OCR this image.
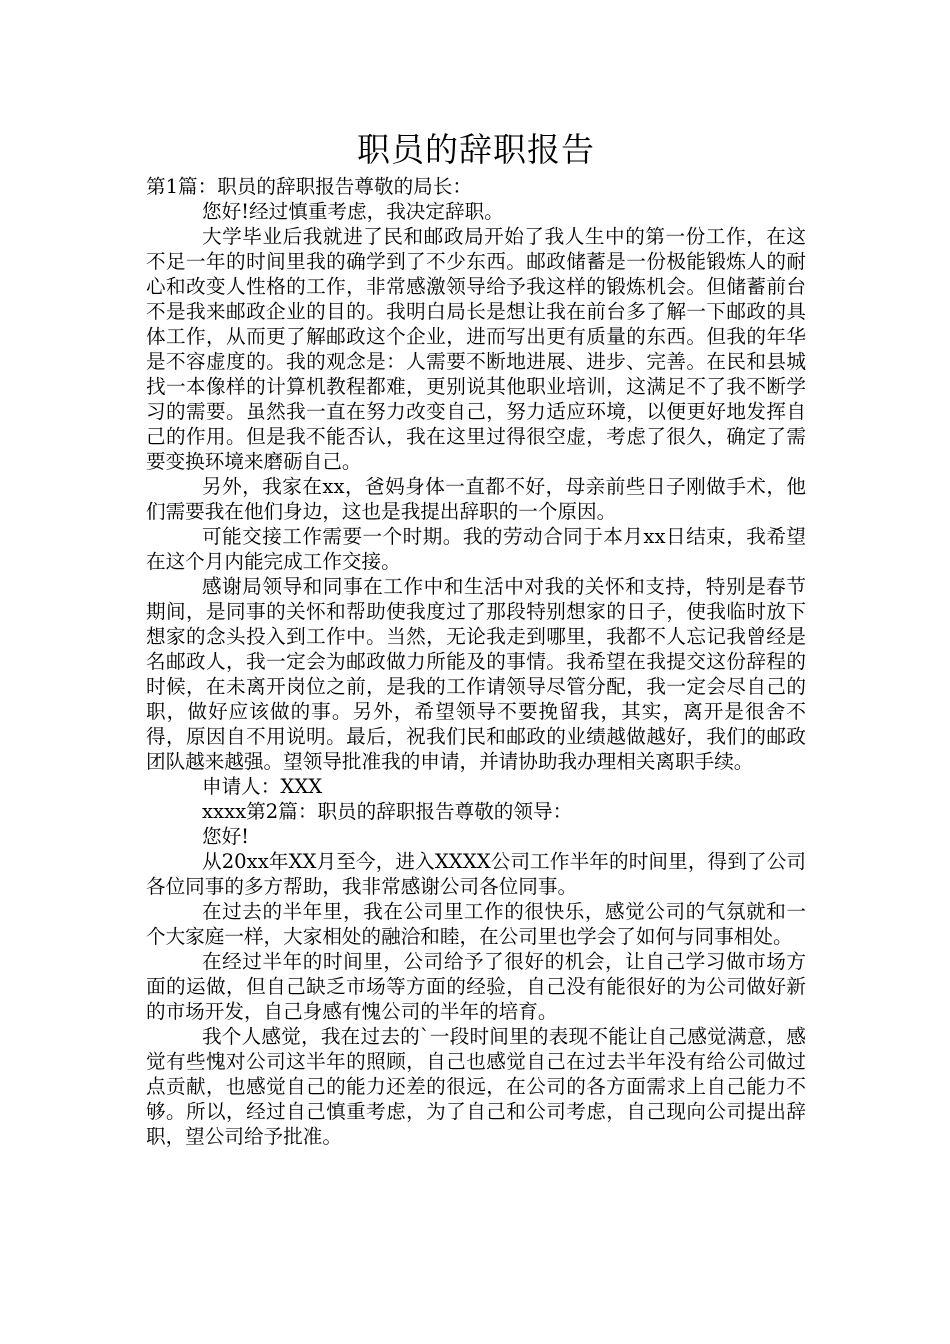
职员的辞职报告

第1篇：职员的辞职报告尊敬的局长：

您好!经过慎重考虑，我决定辞职。

大学毕业后我就进了民和邮政局开始了我人生中的第一份工作，在这不足一年的时间里我的确学到了不少东西。邮政储蓄是一份极能锻炼人的耐心和改变人性格的工作，非常感激领导给予我这样的锻炼机会。但储蓄前台不是我来邮政企业的目的。我明白局长是想让我在前台多了解一下邮政的具体工作，从而更了解邮政这个企业，进而写出更有质量的东西。但我的年华是不容虚度的。我的观念是：人需要不断地进展、进步、完善。在民和县城找一本像样的计算机教程都难，更别说其他职业培训，这满足不了我不断学习的需要。虽然我一直在努力改变自己，努力适应环境，以便更好地发挥自己的作用。但是我不能否认，我在这里过得很空虚，考虑了很久，确定了需要变换环境来磨砺自己。

另外，我家在xx，爸妈身体一直都不好，母亲前些日子刚做手术，他们需要我在他们身边，这也是我提出辞职的一个原因。

可能交接工作需要一个时期。我的劳动合同于本月xx日结束，我希望在这个月内能完成工作交接。

感谢局领导和同事在工作中和生活中对我的关怀和支持，特别是春节期间，是同事的关怀和帮助使我度过了那段特别想家的日子，使我临时放下想家的念头投入到工作中。当然，无论我走到哪里，我都不人忘记我曾经是名邮政人，我一定会为邮政做力所能及的事情。我希望在我提交这份辞程的时候，在未离开岗位之前，是我的工作请领导尽管分配，我一定会尽自己的职，做好应该做的事。另外，希望领导不要挽留我，其实，离开是很舍不得，原因自不用说明。最后，祝我们民和邮政的业绩越做越好，我们的邮政团队越来越强。望领导批准我的申请，并请协助我办理相关离职手续。

申请人：XXX

xxxx第2篇：职员的辞职报告尊敬的领导：

您好!

从20xx年XX月至今，进入XXXX公司工作半年的时间里，得到了公司各位同事的多方帮助，我非常感谢公司各位同事。

在过去的半年里，我在公司里工作的很快乐，感觉公司的气氛就和一个大家庭一样，大家相处的融洽和睦，在公司里也学会了如何与同事相处。

在经过半年的时间里，公司给予了很好的机会，让自己学习做市场方面的运做，但自己缺乏市场等方面的经验，自己没有能很好的为公司做好新的市场开发，自己身感有愧公司的半年的培育。

我个人感觉，我在过去的`一段时间里的表现不能让自己感觉满意，感觉有些愧对公司这半年的照顾，自己也感觉自己在过去半年没有给公司做过点贡献，也感觉自己的能力还差的很远，在公司的各方面需求上自己能力不够。所以，经过自己慎重考虑，为了自己和公司考虑，自己现向公司提出辞职，望公司给予批准。
